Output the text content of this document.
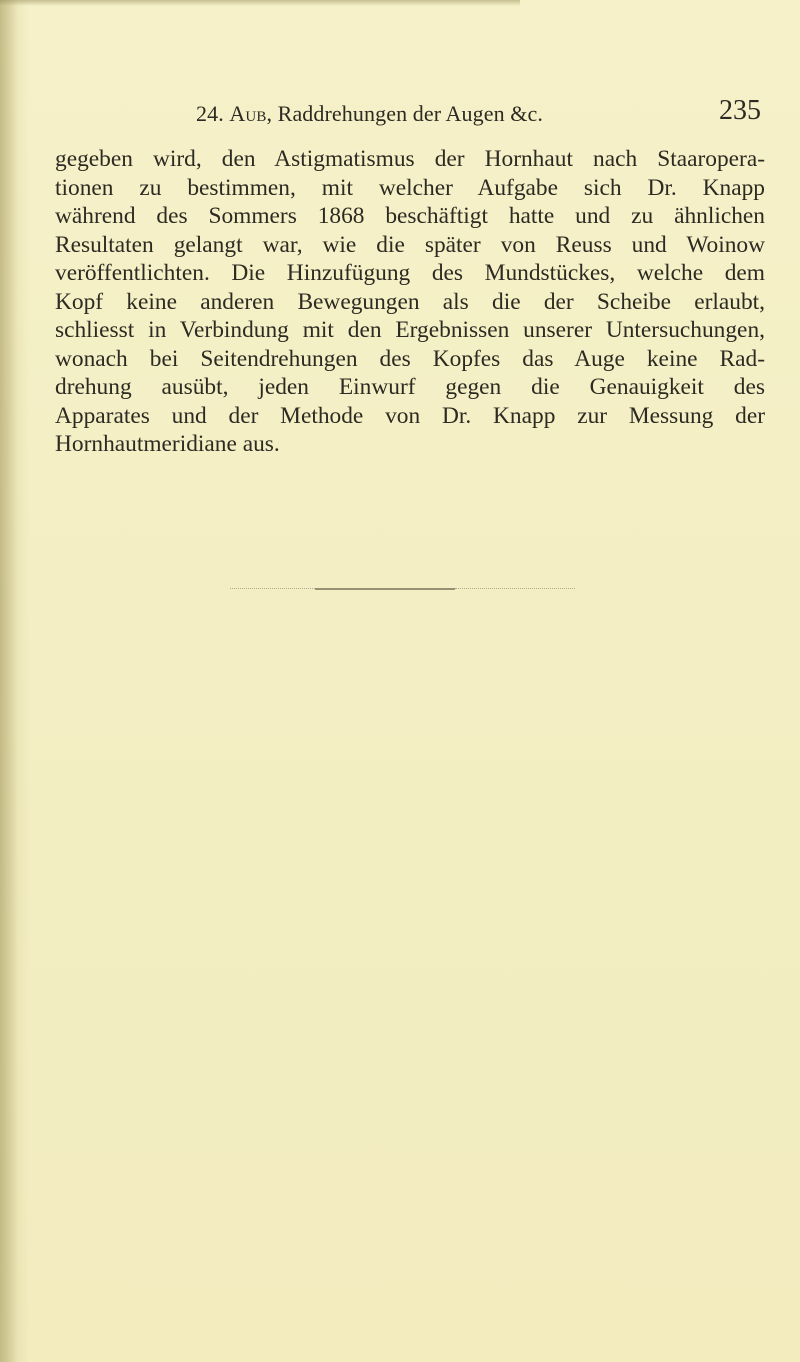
24. Aub, Raddrehungen der Augen &c.	235
gegeben wird, den Astigmatismus der Hornhaut nach Staaropera-
tionen zu bestimmen, mit welcher Aufgabe sich Dr. Knapp
während des Sommers 1868 beschäftigt hatte und zu ähnlichen
Resultaten gelangt war, wie die später von Reuss und Woinow
veröffentlichten. Die Hinzufügung des Mundstückes, welche dem
Kopf keine anderen Bewegungen als die der Scheibe erlaubt,
schliesst in Verbindung mit den Ergebnissen unserer Untersuchungen,
wonach bei Seitendrehungen des Kopfes das Auge keine Rad-
drehung ausübt, jeden Einwurf gegen die Genauigkeit des
Apparates und der Methode von Dr. Knapp zur Messung der
Hornhautmeridiane aus.
